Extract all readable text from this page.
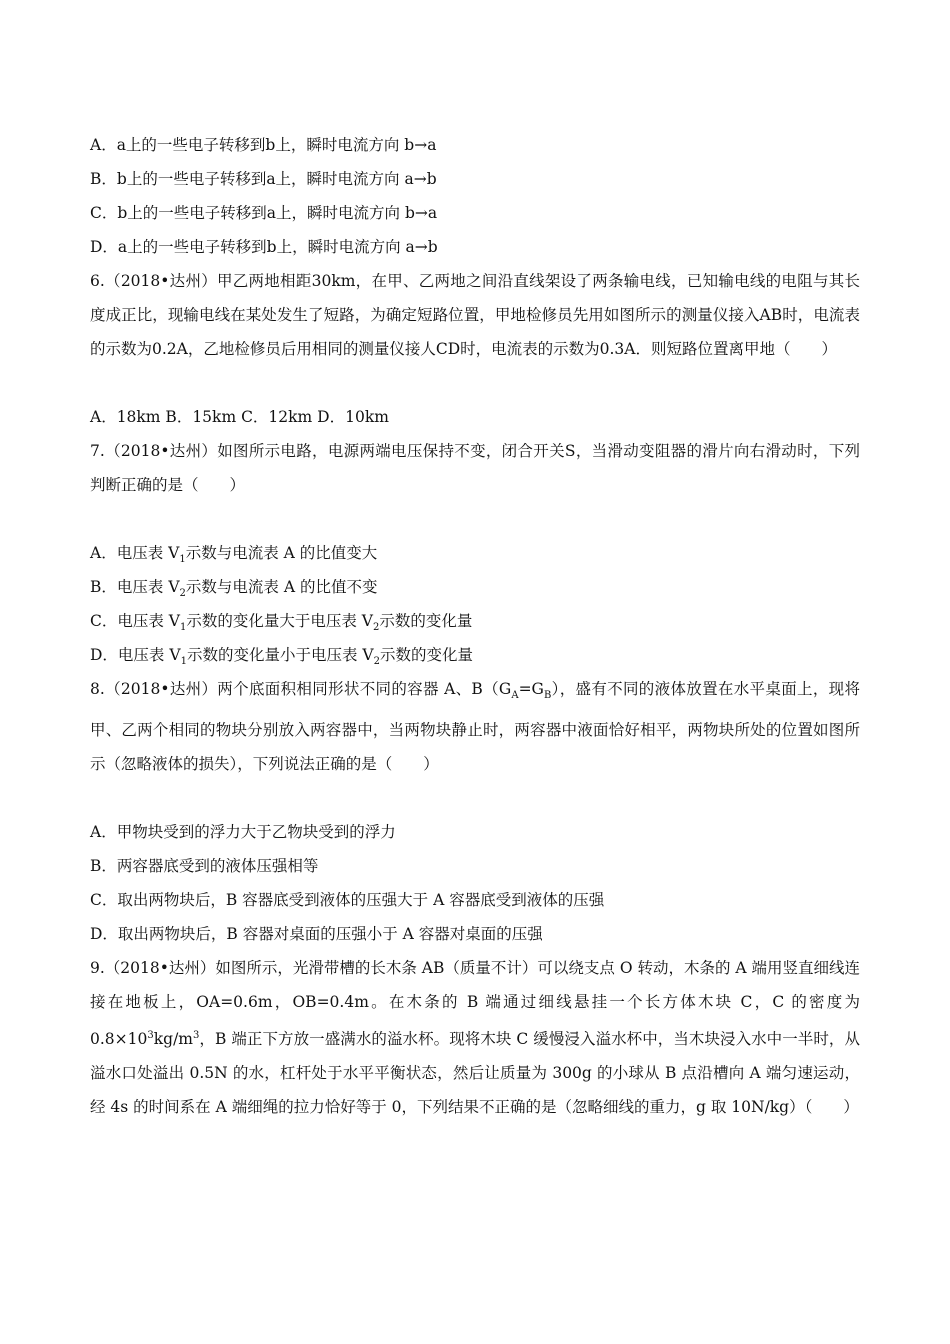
A．a上的一些电子转移到b上，瞬时电流方向 b→a
B．b上的一些电子转移到a上，瞬时电流方向 a→b
C．b上的一些电子转移到a上，瞬时电流方向 b→a
D．a上的一些电子转移到b上，瞬时电流方向 a→b
6.（2018•达州）甲乙两地相距30km，在甲、乙两地之间沿直线架设了两条输电线，已知输电线的电阻与其长度成正比，现输电线在某处发生了短路，为确定短路位置，甲地检修员先用如图所示的测量仪接入AB时，电流表的示数为0.2A，乙地检修员后用相同的测量仪接人CD时，电流表的示数为0.3A．则短路位置离甲地（　　）
A．18km B．15km C．12km D．10km
7.（2018•达州）如图所示电路，电源两端电压保持不变，闭合开关S，当滑动变阻器的滑片向右滑动时，下列判断正确的是（　　）
A．电压表 $V_1$示数与电流表 A 的比值变大
B．电压表 $V_2$示数与电流表 A 的比值不变
C．电压表 $V_1$示数的变化量大于电压表 $V_2$示数的变化量
D．电压表 $V_1$示数的变化量小于电压表 $V_2$示数的变化量
8.（2018•达州）两个底面积相同形状不同的容器 A、$B(G_A=G_B)$，盛有不同的液体放置在水平桌面上，现将甲、乙两个相同的物块分别放入两容器中，当两物块静止时，两容器中液面恰好相平，两物块所处的位置如图所示（忽略液体的损失），下列说法正确的是（　　）
A．甲物块受到的浮力大于乙物块受到的浮力
B．两容器底受到的液体压强相等
C．取出两物块后，B 容器底受到液体的压强大于 A 容器底受到液体的压强
D．取出两物块后，B 容器对桌面的压强小于 A 容器对桌面的压强
9.（2018•达州）如图所示，光滑带槽的长木条 AB（质量不计）可以绕支点 O 转动，木条的 A 端用竖直细线连接在地板上，OA=0.6m，OB=0.4m。在木条的 B 端通过细线悬挂一个长方体木块 C，C 的密度为 $0.8\times 10^3kg/m^3$，B 端正下方放一盛满水的溢水杯。现将木块 C 缓慢浸入溢水杯中，当木块浸入水中一半时，从溢水口处溢出 0.5N 的水，杠杆处于水平平衡状态，然后让质量为 300g 的小球从 B 点沿槽向 A 端匀速运动，经 4s 的时间系在 A 端细绳的拉力恰好等于 0，下列结果不正确的是（忽略细线的重力，g 取 10N/kg）（　　）
